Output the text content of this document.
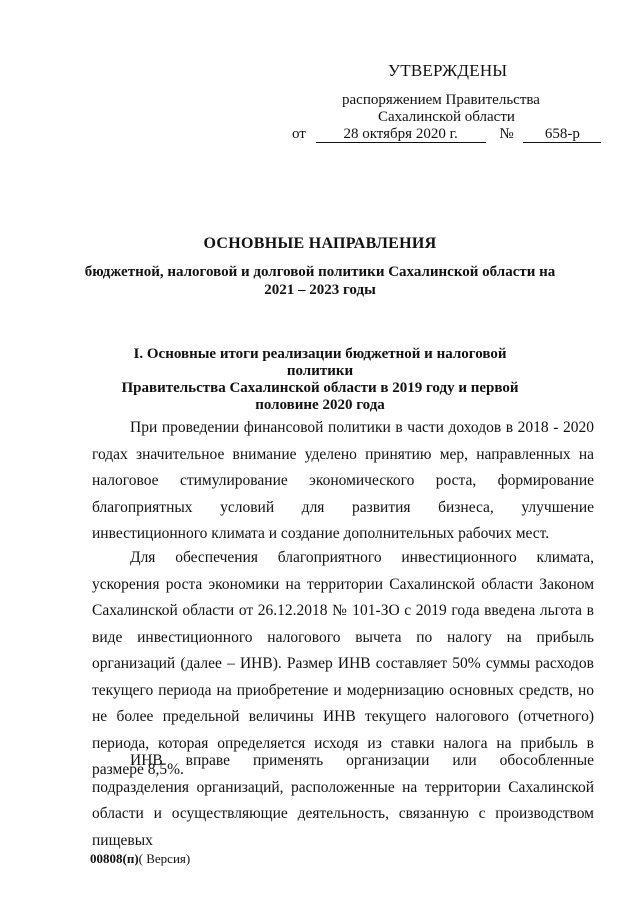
УТВЕРЖДЕНЫ
распоряжением Правительства
Сахалинской области
от	28 октября 2020 г.	№ 658-р
ОСНОВНЫЕ НАПРАВЛЕНИЯ
бюджетной, налоговой и долговой политики Сахалинской области на
2021 – 2023 годы
I. Основные итоги реализации бюджетной и налоговой политики
Правительства Сахалинской области в 2019 году и первой
половине 2020 года

При проведении финансовой политики в части доходов в 2018 - 2020 годах значительное внимание уделено принятию мер, направленных на налоговое стимулирование экономического роста, формирование благоприятных условий для развития бизнеса, улучшение инвестиционного климата и создание дополнительных рабочих мест.

Для обеспечения благоприятного инвестиционного климата, ускорения роста экономики на территории Сахалинской области Законом Сахалинской области от 26.12.2018 № 101-ЗО с 2019 года введена льгота в виде инвестиционного налогового вычета по налогу на прибыль организаций (далее – ИНВ). Размер ИНВ составляет 50% суммы расходов текущего периода на приобретение и модернизацию основных средств, но не более предельной величины ИНВ текущего налогового (отчетного) периода, которая определяется исходя из ставки налога на прибыль в размере 8,5%.

ИНВ вправе применять организации или обособленные подразделения организаций, расположенные на территории Сахалинской области и осуществляющие деятельность, связанную с производством пищевых

00808(п)( Версия)
